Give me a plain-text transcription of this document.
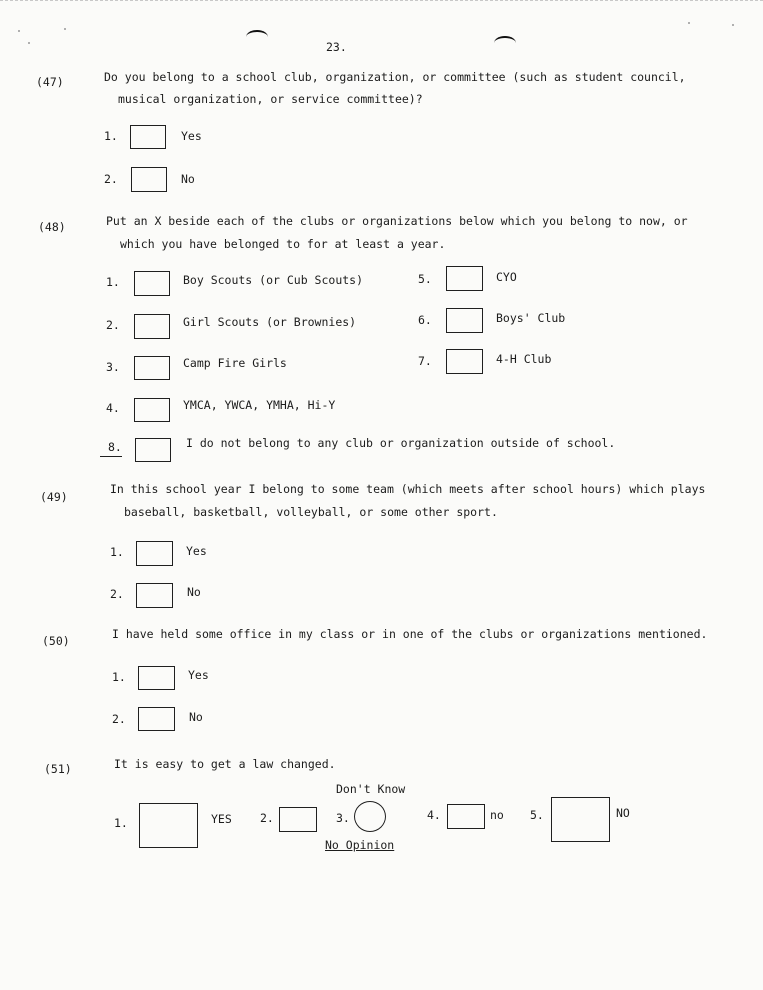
23.
(47)	Do you belong to a school club, organization, or committee (such as student council,
musical organization, or service committee)?
1.	Yes
2.	No
(48)	Put an X beside each of the clubs or organizations below which you belong to now, or
which you have belonged to for at least a year.
1.	Boy Scouts (or Cub Scouts)
2.	Girl Scouts (or Brownies)
3.	Camp Fire Girls
4.	YMCA, YWCA, YMHA, Hi-Y
5.	CYO
6.	Boys' Club
7.	4-H Club
8.	I do not belong to any club or organization outside of school.
(49)
In this school year I belong to some team (which meets after school hours) which plays
baseball, basketball, volleyball, or some other sport.
1.	Yes
2.	No
(50)	I have held some office in my class or in one of the clubs or organizations mentioned.
1.	Yes
2.	No
(51)	It is easy to get a law changed.
1.	YES 2.
Don't Know
3.
No Opinion
4.	no 5.	NO
